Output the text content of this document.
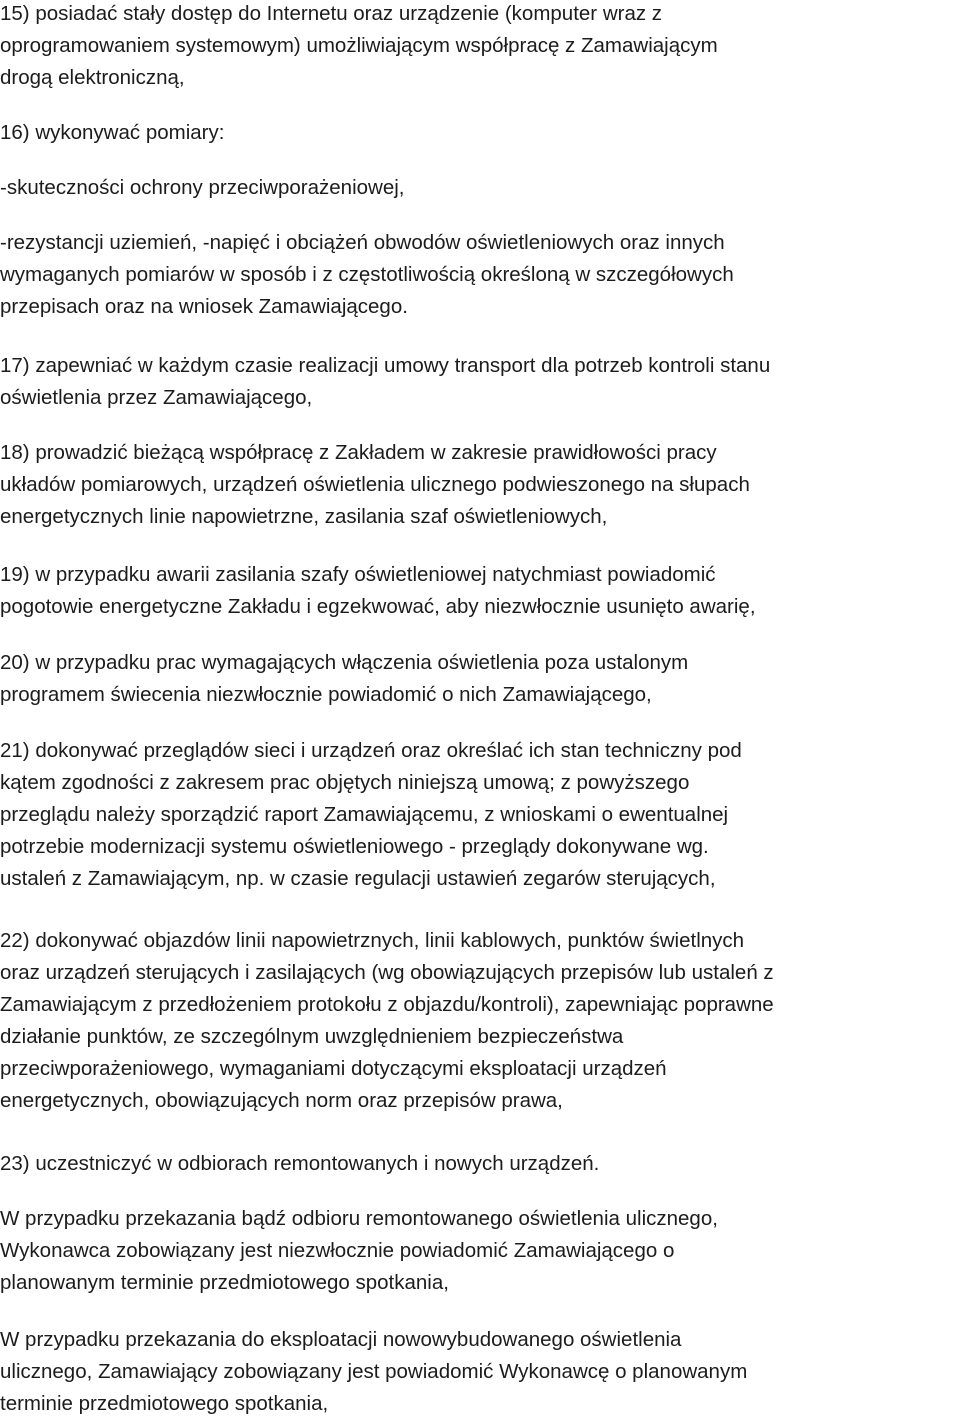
15) posiadać stały dostęp do Internetu oraz urządzenie (komputer wraz z
oprogramowaniem systemowym) umożliwiającym współpracę z Zamawiającym
drogą elektroniczną,
16) wykonywać pomiary:
-skuteczności ochrony przeciwporażeniowej,
-rezystancji uziemień, -napięć i obciążeń obwodów oświetleniowych oraz innych
wymaganych pomiarów w sposób i z częstotliwością określoną w szczegółowych
przepisach oraz na wniosek Zamawiającego.
17) zapewniać w każdym czasie realizacji umowy transport dla potrzeb kontroli stanu
oświetlenia przez Zamawiającego,
18) prowadzić bieżącą współpracę z Zakładem w zakresie prawidłowości pracy
układów pomiarowych, urządzeń oświetlenia ulicznego podwieszonego na słupach
energetycznych linie napowietrzne, zasilania szaf oświetleniowych,
19) w przypadku awarii zasilania szafy oświetleniowej natychmiast powiadomić
pogotowie energetyczne Zakładu i egzekwować, aby niezwłocznie usunięto awarię,
20) w przypadku prac wymagających włączenia oświetlenia poza ustalonym
programem świecenia niezwłocznie powiadomić o nich Zamawiającego,
21) dokonywać przeglądów sieci i urządzeń oraz określać ich stan techniczny pod
kątem zgodności z zakresem prac objętych niniejszą umową; z powyższego
przeglądu należy sporządzić raport Zamawiającemu, z wnioskami o ewentualnej
potrzebie modernizacji systemu oświetleniowego - przeglądy dokonywane wg.
ustaleń z Zamawiającym, np. w czasie regulacji ustawień zegarów sterujących,
22) dokonywać objazdów linii napowietrznych, linii kablowych, punktów świetlnych
oraz urządzeń sterujących i zasilających (wg obowiązujących przepisów lub ustaleń z
Zamawiającym z przedłożeniem protokołu z objazdu/kontroli), zapewniając poprawne
działanie punktów, ze szczególnym uwzględnieniem bezpieczeństwa
przeciwporażeniowego, wymaganiami dotyczącymi eksploatacji urządzeń
energetycznych, obowiązujących norm oraz przepisów prawa,
23) uczestniczyć w odbiorach remontowanych i nowych urządzeń.
W przypadku przekazania bądź odbioru remontowanego oświetlenia ulicznego,
Wykonawca zobowiązany jest niezwłocznie powiadomić Zamawiającego o
planowanym terminie przedmiotowego spotkania,
W przypadku przekazania do eksploatacji nowowybudowanego oświetlenia
ulicznego, Zamawiający zobowiązany jest powiadomić Wykonawcę o planowanym
terminie przedmiotowego spotkania,
